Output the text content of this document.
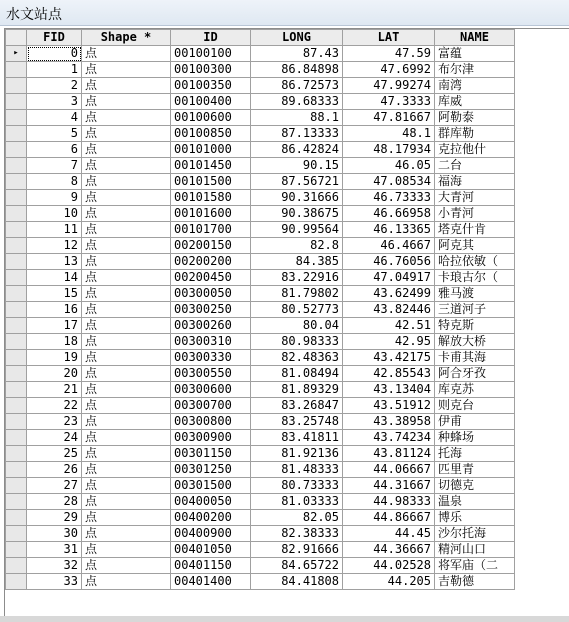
水文站点
	FID	Shape *	ID	LONG	LAT	NAME
▸	0	点	00100100	87.43	47.59	富蕴
	1	点	00100300	86.84898	47.6992	布尔津
	2	点	00100350	86.72573	47.99274	南湾
	3	点	00100400	89.68333	47.3333	库威
	4	点	00100600	88.1	47.81667	阿勒泰
	5	点	00100850	87.13333	48.1	群库勒
	6	点	00101000	86.42824	48.17934	克拉他什
	7	点	00101450	90.15	46.05	二台
	8	点	00101500	87.56721	47.08534	福海
	9	点	00101580	90.31666	46.73333	大青河
	10	点	00101600	90.38675	46.66958	小青河
	11	点	00101700	90.99564	46.13365	塔克什肯
	12	点	00200150	82.8	46.4667	阿克其
	13	点	00200200	84.385	46.76056	哈拉依敏（
	14	点	00200450	83.22916	47.04917	卡琅古尔（
	15	点	00300050	81.79802	43.62499	雅马渡
	16	点	00300250	80.52773	43.82446	三道河子
	17	点	00300260	80.04	42.51	特克斯
	18	点	00300310	80.98333	42.95	解放大桥
	19	点	00300330	82.48363	43.42175	卡甫其海
	20	点	00300550	81.08494	42.85543	阿合牙孜
	21	点	00300600	81.89329	43.13404	库克苏
	22	点	00300700	83.26847	43.51912	则克台
	23	点	00300800	83.25748	43.38958	伊甫
	24	点	00300900	83.41811	43.74234	种蜂场
	25	点	00301150	81.92136	43.81124	托海
	26	点	00301250	81.48333	44.06667	匹里青
	27	点	00301500	80.73333	44.31667	切德克
	28	点	00400050	81.03333	44.98333	温泉
	29	点	00400200	82.05	44.86667	博乐
	30	点	00400900	82.38333	44.45	沙尔托海
	31	点	00401050	82.91666	44.36667	精河山口
	32	点	00401150	84.65722	44.02528	将军庙（二
	33	点	00401400	84.41808	44.205	吉勒德
